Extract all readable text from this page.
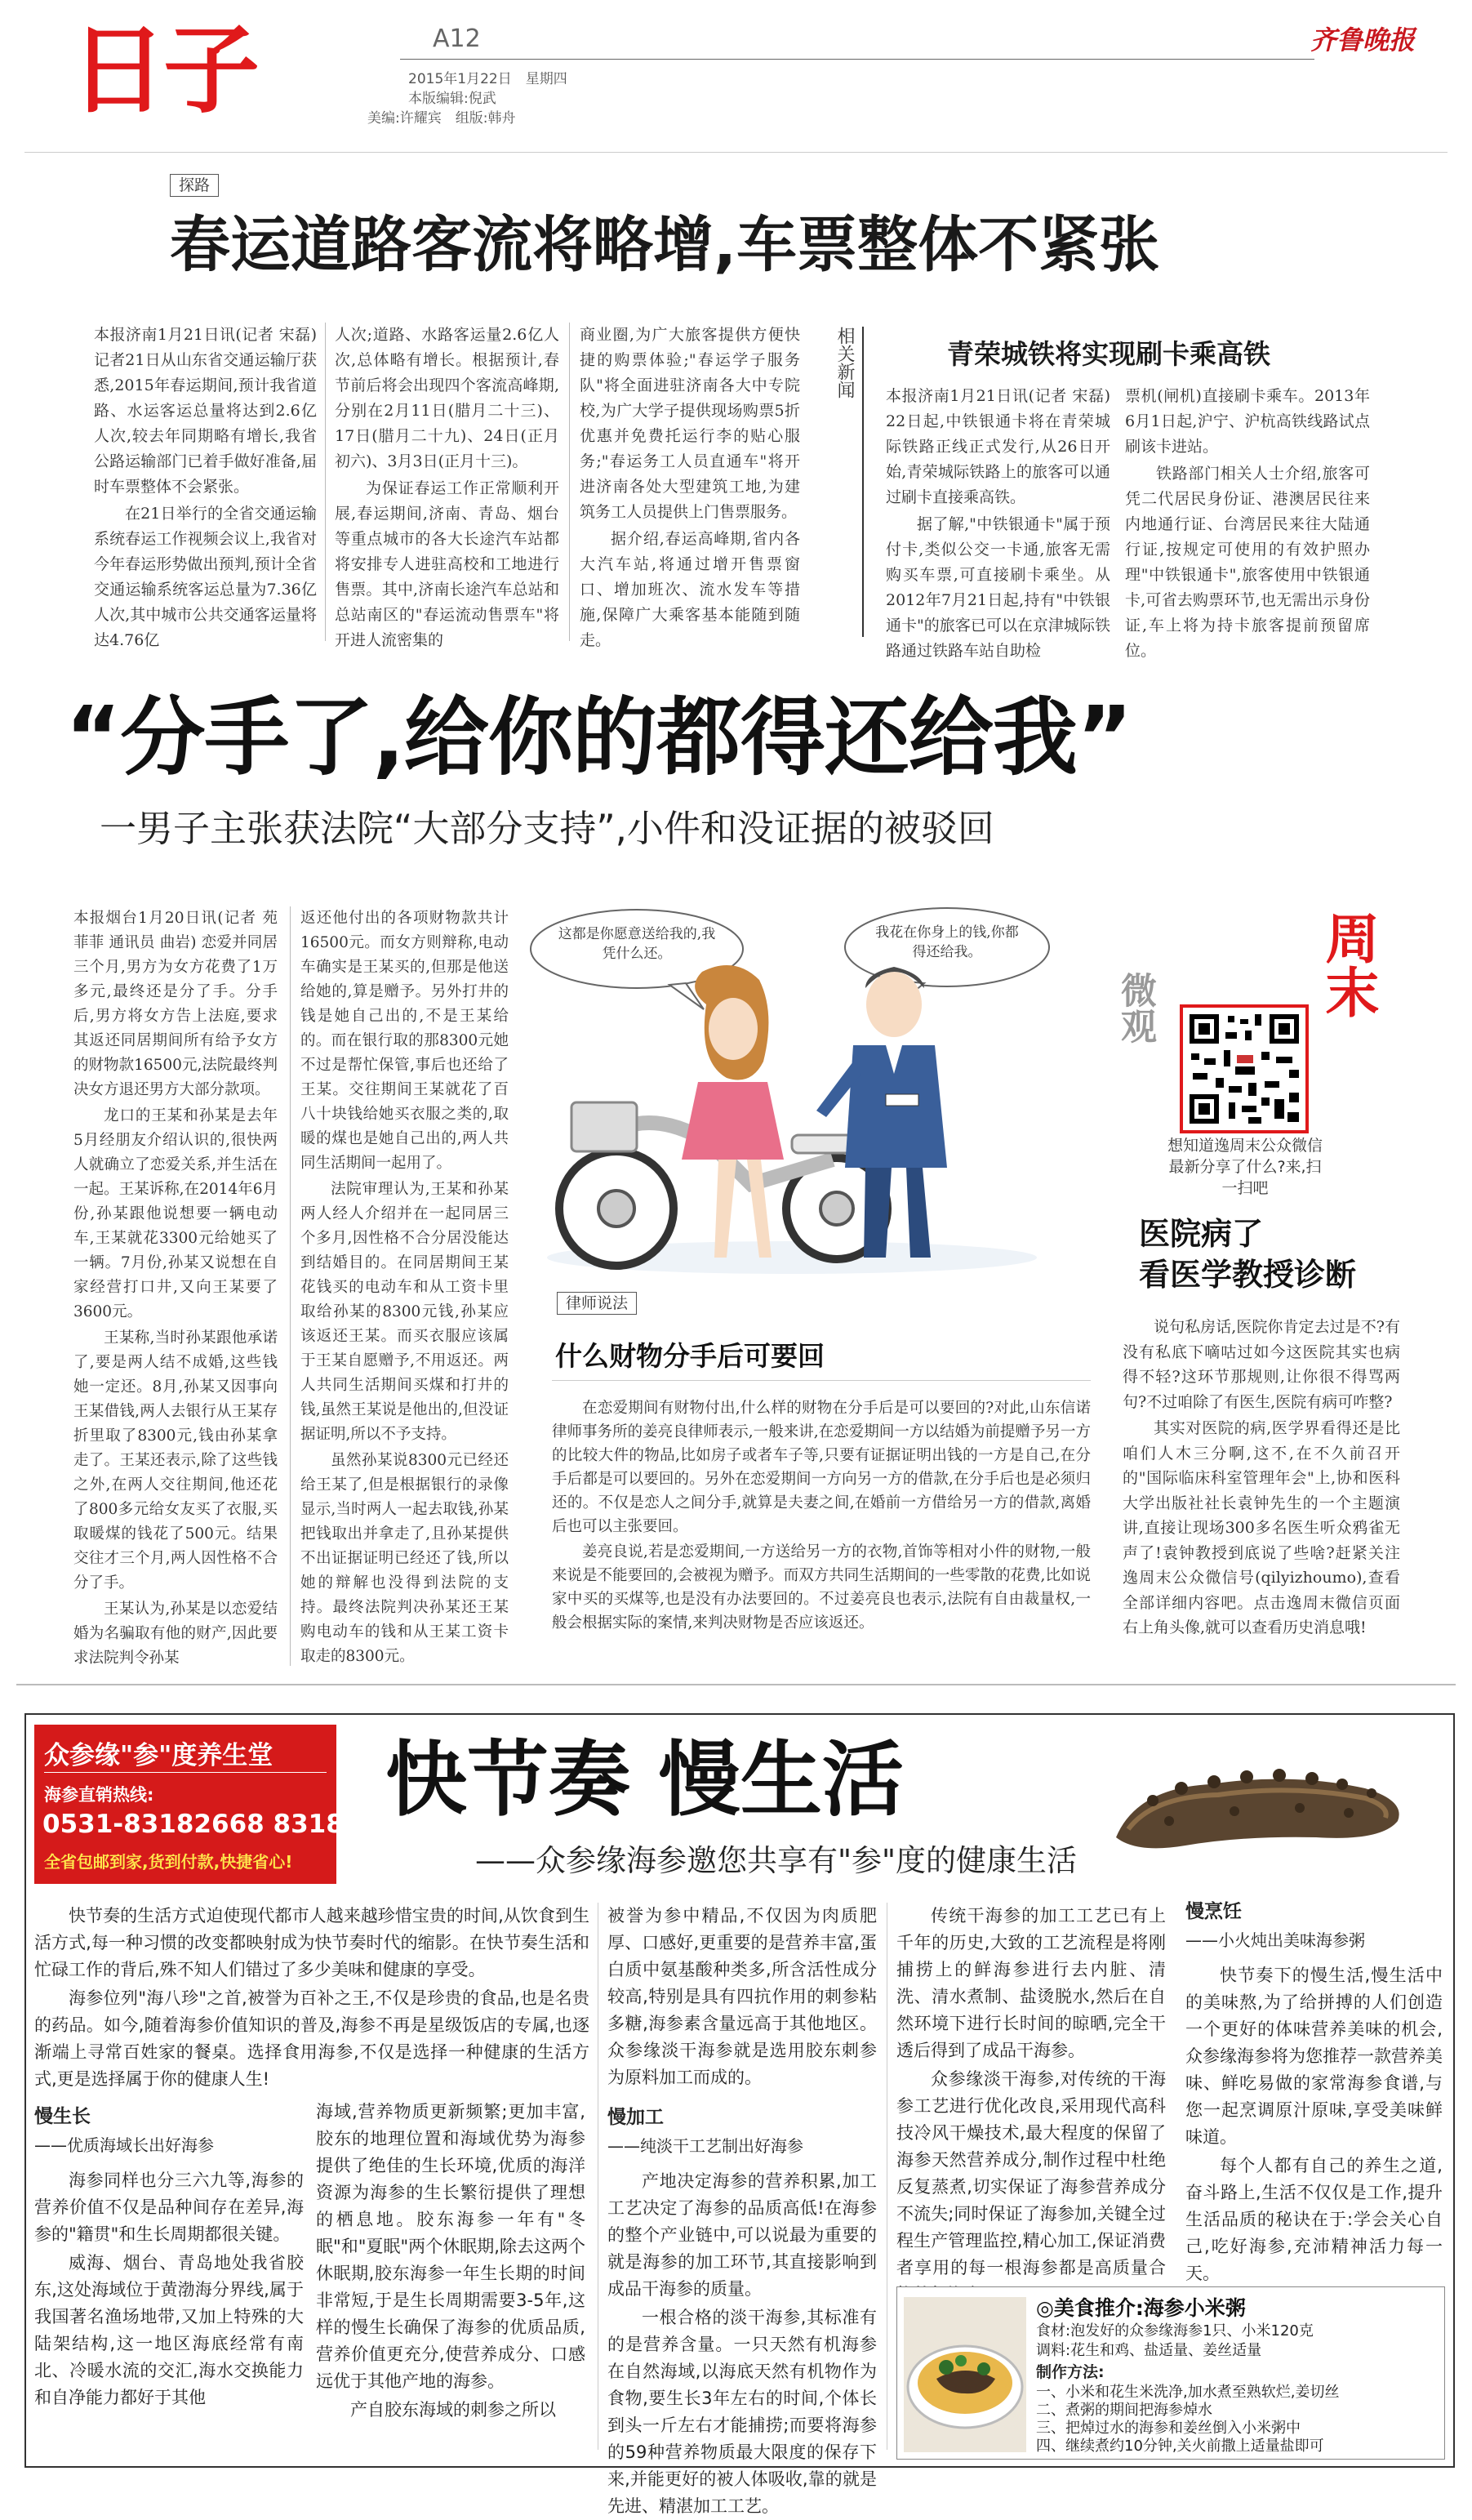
日子	A12
2015年1月22日　星期四
本版编辑:倪武
美编:许耀宾　组版:韩舟
齐鲁晚报
探路
春运道路客流将略增,车票整体不紧张

本报济南1月21日讯(记者 宋磊) 记者21日从山东省交通运输厅获悉,2015年春运期间,预计我省道路、水运客运总量将达到2.6亿人次,较去年同期略有增长,我省公路运输部门已着手做好准备,届时车票整体不会紧张。

在21日举行的全省交通运输系统春运工作视频会议上,我省对今年春运形势做出预判,预计全省交通运输系统客运总量为7.36亿人次,其中城市公共交通客运量将达4.76亿

人次;道路、水路客运量2.6亿人次,总体略有增长。根据预计,春节前后将会出现四个客流高峰期,分别在2月11日(腊月二十三)、17日(腊月二十九)、24日(正月初六)、3月3日(正月十三)。

为保证春运工作正常顺利开展,春运期间,济南、青岛、烟台等重点城市的各大长途汽车站都将安排专人进驻高校和工地进行售票。其中,济南长途汽车总站和总站南区的"春运流动售票车"将开进人流密集的

商业圈,为广大旅客提供方便快捷的购票体验;"春运学子服务队"将全面进驻济南各大中专院校,为广大学子提供现场购票5折优惠并免费托运行李的贴心服务;"春运务工人员直通车"将开进济南各处大型建筑工地,为建筑务工人员提供上门售票服务。

据介绍,春运高峰期,省内各大汽车站,将通过增开售票窗口、增加班次、流水发车等措施,保障广大乘客基本能随到随走。

相关新闻	青荣城铁将实现刷卡乘高铁

本报济南1月21日讯(记者 宋磊) 22日起,中铁银通卡将在青荣城际铁路正线正式发行,从26日开始,青荣城际铁路上的旅客可以通过刷卡直接乘高铁。

据了解,"中铁银通卡"属于预付卡,类似公交一卡通,旅客无需购买车票,可直接刷卡乘坐。从2012年7月21日起,持有"中铁银通卡"的旅客已可以在京津城际铁路通过铁路车站自助检

票机(闸机)直接刷卡乘车。2013年6月1日起,沪宁、沪杭高铁线路试点刷该卡进站。

铁路部门相关人士介绍,旅客可凭二代居民身份证、港澳居民往来内地通行证、台湾居民来往大陆通行证,按规定可使用的有效护照办理"中铁银通卡",旅客使用中铁银通卡,可省去购票环节,也无需出示身份证,车上将为持卡旅客提前预留席位。

“分手了,给你的都得还给我”
一男子主张获法院“大部分支持”,小件和没证据的被驳回

本报烟台1月20日讯(记者 苑菲菲 通讯员 曲岩) 恋爱并同居三个月,男方为女方花费了1万多元,最终还是分了手。分手后,男方将女方告上法庭,要求其返还同居期间所有给予女方的财物款16500元,法院最终判决女方退还男方大部分款项。

龙口的王某和孙某是去年5月经朋友介绍认识的,很快两人就确立了恋爱关系,并生活在一起。王某诉称,在2014年6月份,孙某跟他说想要一辆电动车,王某就花3300元给她买了一辆。7月份,孙某又说想在自家经营打口井,又向王某要了3600元。

王某称,当时孙某跟他承诺了,要是两人结不成婚,这些钱她一定还。8月,孙某又因事向王某借钱,两人去银行从王某存折里取了8300元,钱由孙某拿走了。王某还表示,除了这些钱之外,在两人交往期间,他还花了800多元给女友买了衣服,买取暖煤的钱花了500元。结果交往才三个月,两人因性格不合分了手。

王某认为,孙某是以恋爱结婚为名骗取有他的财产,因此要求法院判令孙某

返还他付出的各项财物款共计16500元。而女方则辩称,电动车确实是王某买的,但那是他送给她的,算是赠予。另外打井的钱是她自己出的,不是王某给的。而在银行取的那8300元她不过是帮忙保管,事后也还给了王某。交往期间王某就花了百八十块钱给她买衣服之类的,取暖的煤也是她自己出的,两人共同生活期间一起用了。

法院审理认为,王某和孙某两人经人介绍并在一起同居三个多月,因性格不合分居没能达到结婚目的。在同居期间王某花钱买的电动车和从工资卡里取给孙某的8300元钱,孙某应该返还王某。而买衣服应该属于王某自愿赠予,不用返还。两人共同生活期间买煤和打井的钱,虽然王某说是他出的,但没证据证明,所以不予支持。

虽然孙某说8300元已经还给王某了,但是根据银行的录像显示,当时两人一起去取钱,孙某把钱取出并拿走了,且孙某提供不出证据证明已经还了钱,所以她的辩解也没得到法院的支持。最终法院判决孙某还王某购电动车的钱和从王某工资卡取走的8300元。

这都是你愿意送给我的,我凭什么还。
我花在你身上的钱,你都得还给我。
律师说法
什么财物分手后可要回

在恋爱期间有财物付出,什么样的财物在分手后是可以要回的?对此,山东信诺律师事务所的姜亮良律师表示,一般来讲,在恋爱期间一方以结婚为前提赠予另一方的比较大件的物品,比如房子或者车子等,只要有证据证明出钱的一方是自己,在分手后都是可以要回的。另外在恋爱期间一方向另一方的借款,在分手后也是必须归还的。不仅是恋人之间分手,就算是夫妻之间,在婚前一方借给另一方的借款,离婚后也可以主张要回。

姜亮良说,若是恋爱期间,一方送给另一方的衣物,首饰等相对小件的财物,一般来说是不能要回的,会被视为赠予。而双方共同生活期间的一些零散的花费,比如说家中买的买煤等,也是没有办法要回的。不过姜亮良也表示,法院有自由裁量权,一般会根据实际的案情,来判决财物是否应该返还。

微观	周末
想知道逸周末公众微信最新分享了什么?来,扫一扫吧
医院病了
看医学教授诊断

说句私房话,医院你肯定去过是不?有没有私底下嘀咕过如今这医院其实也病得不轻?这环节那规则,让你很不得骂两句?不过咱除了有医生,医院有病可咋整?

其实对医院的病,医学界看得还是比咱们人木三分啊,这不,在不久前召开的"国际临床科室管理年会"上,协和医科大学出版社社长袁钟先生的一个主题演讲,直接让现场300多名医生听众鸦雀无声了!袁钟教授到底说了些啥?赶紧关注逸周末公众微信号(qilyizhoumo),查看全部详细内容吧。点击逸周末微信页面右上角头像,就可以查看历史消息哦!

众参缘"参"度养生堂
海参直销热线:
0531-83182668 83182778
全省包邮到家,货到付款,快捷省心!
快节奏 慢生活
——众参缘海参邀您共享有"参"度的健康生活

快节奏的生活方式迫使现代都市人越来越珍惜宝贵的时间,从饮食到生活方式,每一种习惯的改变都映射成为快节奏时代的缩影。在快节奏生活和忙碌工作的背后,殊不知人们错过了多少美味和健康的享受。

海参位列"海八珍"之首,被誉为百补之王,不仅是珍贵的食品,也是名贵的药品。如今,随着海参价值知识的普及,海参不再是星级饭店的专属,也逐渐端上寻常百姓家的餐桌。选择食用海参,不仅是选择一种健康的生活方式,更是选择属于你的健康人生!

慢生长

——优质海域长出好海参

海参同样也分三六九等,海参的营养价值不仅是品种间存在差异,海参的"籍贯"和生长周期都很关键。

威海、烟台、青岛地处我省胶东,这处海域位于黄渤海分界线,属于我国著名渔场地带,又加上特殊的大陆架结构,这一地区海底经常有南北、冷暖水流的交汇,海水交换能力和自净能力都好于其他

海域,营养物质更新频繁;更加丰富,胶东的地理位置和海域优势为海参提供了绝佳的生长环境,优质的海洋资源为海参的生长繁衍提供了理想的栖息地。胶东海参一年有"冬眠"和"夏眠"两个休眠期,除去这两个休眠期,胶东海参一年生长期的时间非常短,于是生长周期需要3-5年,这样的慢生长确保了海参的优质品质,营养价值更充分,使营养成分、口感远优于其他产地的海参。

产自胶东海域的刺参之所以

被誉为参中精品,不仅因为肉质肥厚、口感好,更重要的是营养丰富,蛋白质中氨基酸种类多,所含活性成分较高,特别是具有四抗作用的刺参粘多糖,海参素含量远高于其他地区。众参缘淡干海参就是选用胶东刺参为原料加工而成的。

慢加工

——纯淡干工艺制出好海参

产地决定海参的营养积累,加工工艺决定了海参的品质高低!在海参的整个产业链中,可以说最为重要的就是海参的加工环节,其直接影响到成品干海参的质量。

一根合格的淡干海参,其标准有的是营养含量。一只天然有机海参在自然海域,以海底天然有机物作为食物,要生长3年左右的时间,个体长到头一斤左右才能捕捞;而要将海参的59种营养物质最大限度的保存下来,并能更好的被人体吸收,靠的就是先进、精湛加工工艺。

传统干海参的加工工艺已有上千年的历史,大致的工艺流程是将刚捕捞上的鲜海参进行去内脏、清洗、清水煮制、盐烫脱水,然后在自然环境下进行长时间的晾晒,完全干透后得到了成品干海参。

众参缘淡干海参,对传统的干海参工艺进行优化改良,采用现代高科技冷风干燥技术,最大程度的保留了海参天然营养成分,制作过程中杜绝反复蒸煮,切实保证了海参营养成分不流失;同时保证了海参加,关键全过程生产管理监控,精心加工,保证消费者享用的每一根海参都是高质量合

慢烹饪

——小火炖出美味海参粥

快节奏下的慢生活,慢生活中的美味熬,为了给拼搏的人们创造一个更好的体味营养美味的机会,众参缘海参将为您推荐一款营养美味、鲜吃易做的家常海参食谱,与您一起烹调原汁原味,享受美味鲜味道。

每个人都有自己的养生之道,奋斗路上,生活不仅仅是工作,提升生活品质的秘诀在于:学会关心自己,吃好海参,充沛精神活力每一天。

◎美食推介:海参小米粥
食材:泡发好的众参缘海参1只、小米120克
调料:花生和鸡、盐适量、姜丝适量
制作方法:
一、小米和花生米洗净,加水煮至熟软烂,姜切丝
二、煮粥的期间把海参焯水
三、把焯过水的海参和姜丝倒入小米粥中
四、继续煮约10分钟,关火前撒上适量盐即可
